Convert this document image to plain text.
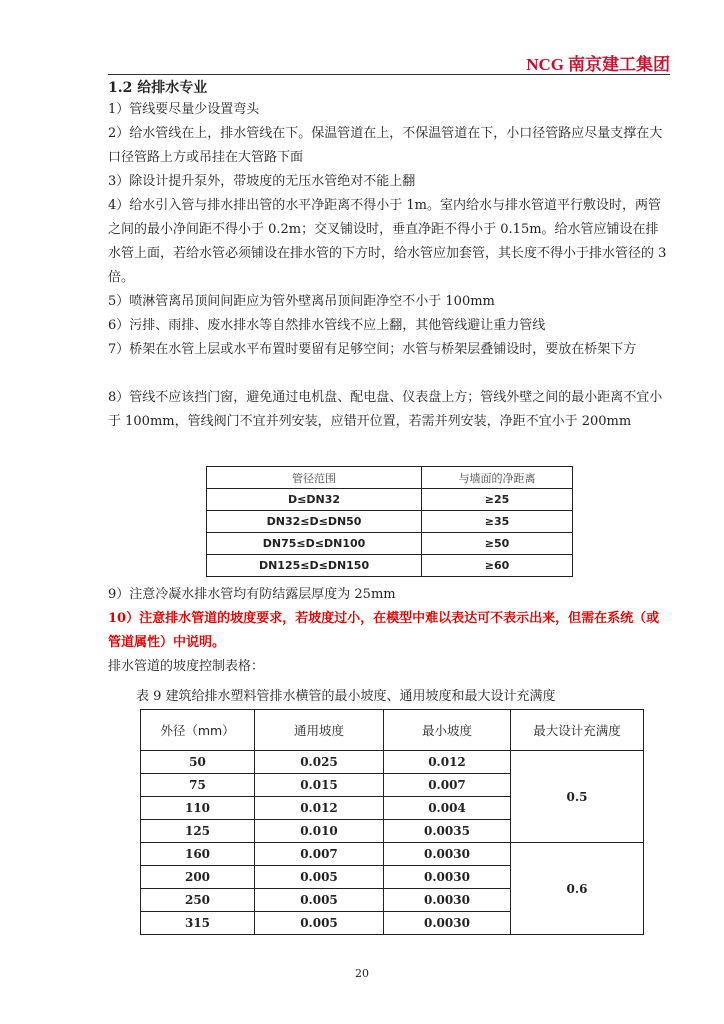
NCG 南京建工集团
1.2 给排水专业
1）管线要尽量少设置弯头
2）给水管线在上，排水管线在下。保温管道在上，不保温管道在下，小口径管路应尽量支撑在大口径管路上方或吊挂在大管路下面
3）除设计提升泵外，带坡度的无压水管绝对不能上翻
4）给水引入管与排水排出管的水平净距离不得小于 1m。室内给水与排水管道平行敷设时，两管之间的最小净间距不得小于 0.2m；交叉铺设时，垂直净距不得小于 0.15m。给水管应铺设在排水管上面，若给水管必须铺设在排水管的下方时，给水管应加套管，其长度不得小于排水管径的 3 倍。
5）喷淋管离吊顶间间距应为管外壁离吊顶间距净空不小于 100mm
6）污排、雨排、废水排水等自然排水管线不应上翻，其他管线避让重力管线
7）桥架在水管上层或水平布置时要留有足够空间；水管与桥架层叠铺设时，要放在桥架下方
8）管线不应该挡门窗，避免通过电机盘、配电盘、仪表盘上方；管线外壁之间的最小距离不宜小于 100mm，管线阀门不宜并列安装，应错开位置，若需并列安装，净距不宜小于 200mm
管径范围	与墙面的净距离
D≤DN32	≥25
DN32≤D≤DN50	≥35
DN75≤D≤DN100	≥50
DN125≤D≤DN150	≥60
9）注意冷凝水排水管均有防结露层厚度为 25mm
10）注意排水管道的坡度要求，若坡度过小，在模型中难以表达可不表示出来，但需在系统（或管道属性）中说明。
排水管道的坡度控制表格：
表 9 建筑给排水塑料管排水横管的最小坡度、通用坡度和最大设计充满度
外径（mm）	通用坡度	最小坡度	最大设计充满度
50	0.025	0.012	0.5
75	0.015	0.007	
110	0.012	0.004	
125	0.010	0.0035	
160	0.007	0.0030	0.6
200	0.005	0.0030	
250	0.005	0.0030	
315	0.005	0.0030	
20
